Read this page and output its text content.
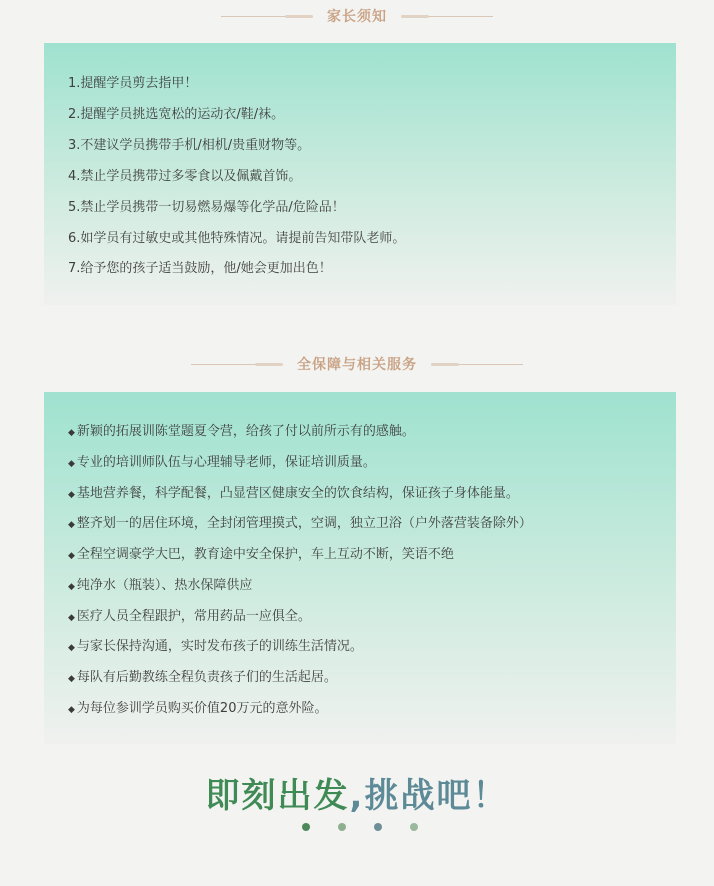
家长须知
1.提醒学员剪去指甲！
2.提醒学员挑选宽松的运动衣/鞋/袜。
3.不建议学员携带手机/相机/贵重财物等。
4.禁止学员携带过多零食以及佩戴首饰。
5.禁止学员携带一切易燃易爆等化学品/危险品！
6.如学员有过敏史或其他特殊情况。请提前告知带队老师。
7.给予您的孩子适当鼓励，他/她会更加出色！
全保障与相关服务
◆ 新颖的拓展训陈堂题夏令营，给孩了付以前所示有的感触。
◆ 专业的培训师队伍与心理辅导老师，保证培训质量。
◆ 基地营养餐，科学配餐，凸显营区健康安全的饮食结构，保证孩子身体能量。
◆ 整齐划一的居住环境，全封闭管理摸式，空调，独立卫浴（户外落营装备除外）
◆ 全程空调豪学大巴，教育途中安全保护，车上互动不断，笑语不绝
◆ 纯净水（瓶装）、热水保障供应
◆ 医疗人员全程跟护，常用药品一应俱全。
◆ 与家长保持沟通，实时发布孩子的训练生活情况。
◆ 每队有后勤教练全程负责孩子们的生活起居。
◆ 为每位参训学员购买价值20万元的意外险。
即刻出发,挑战吧！
